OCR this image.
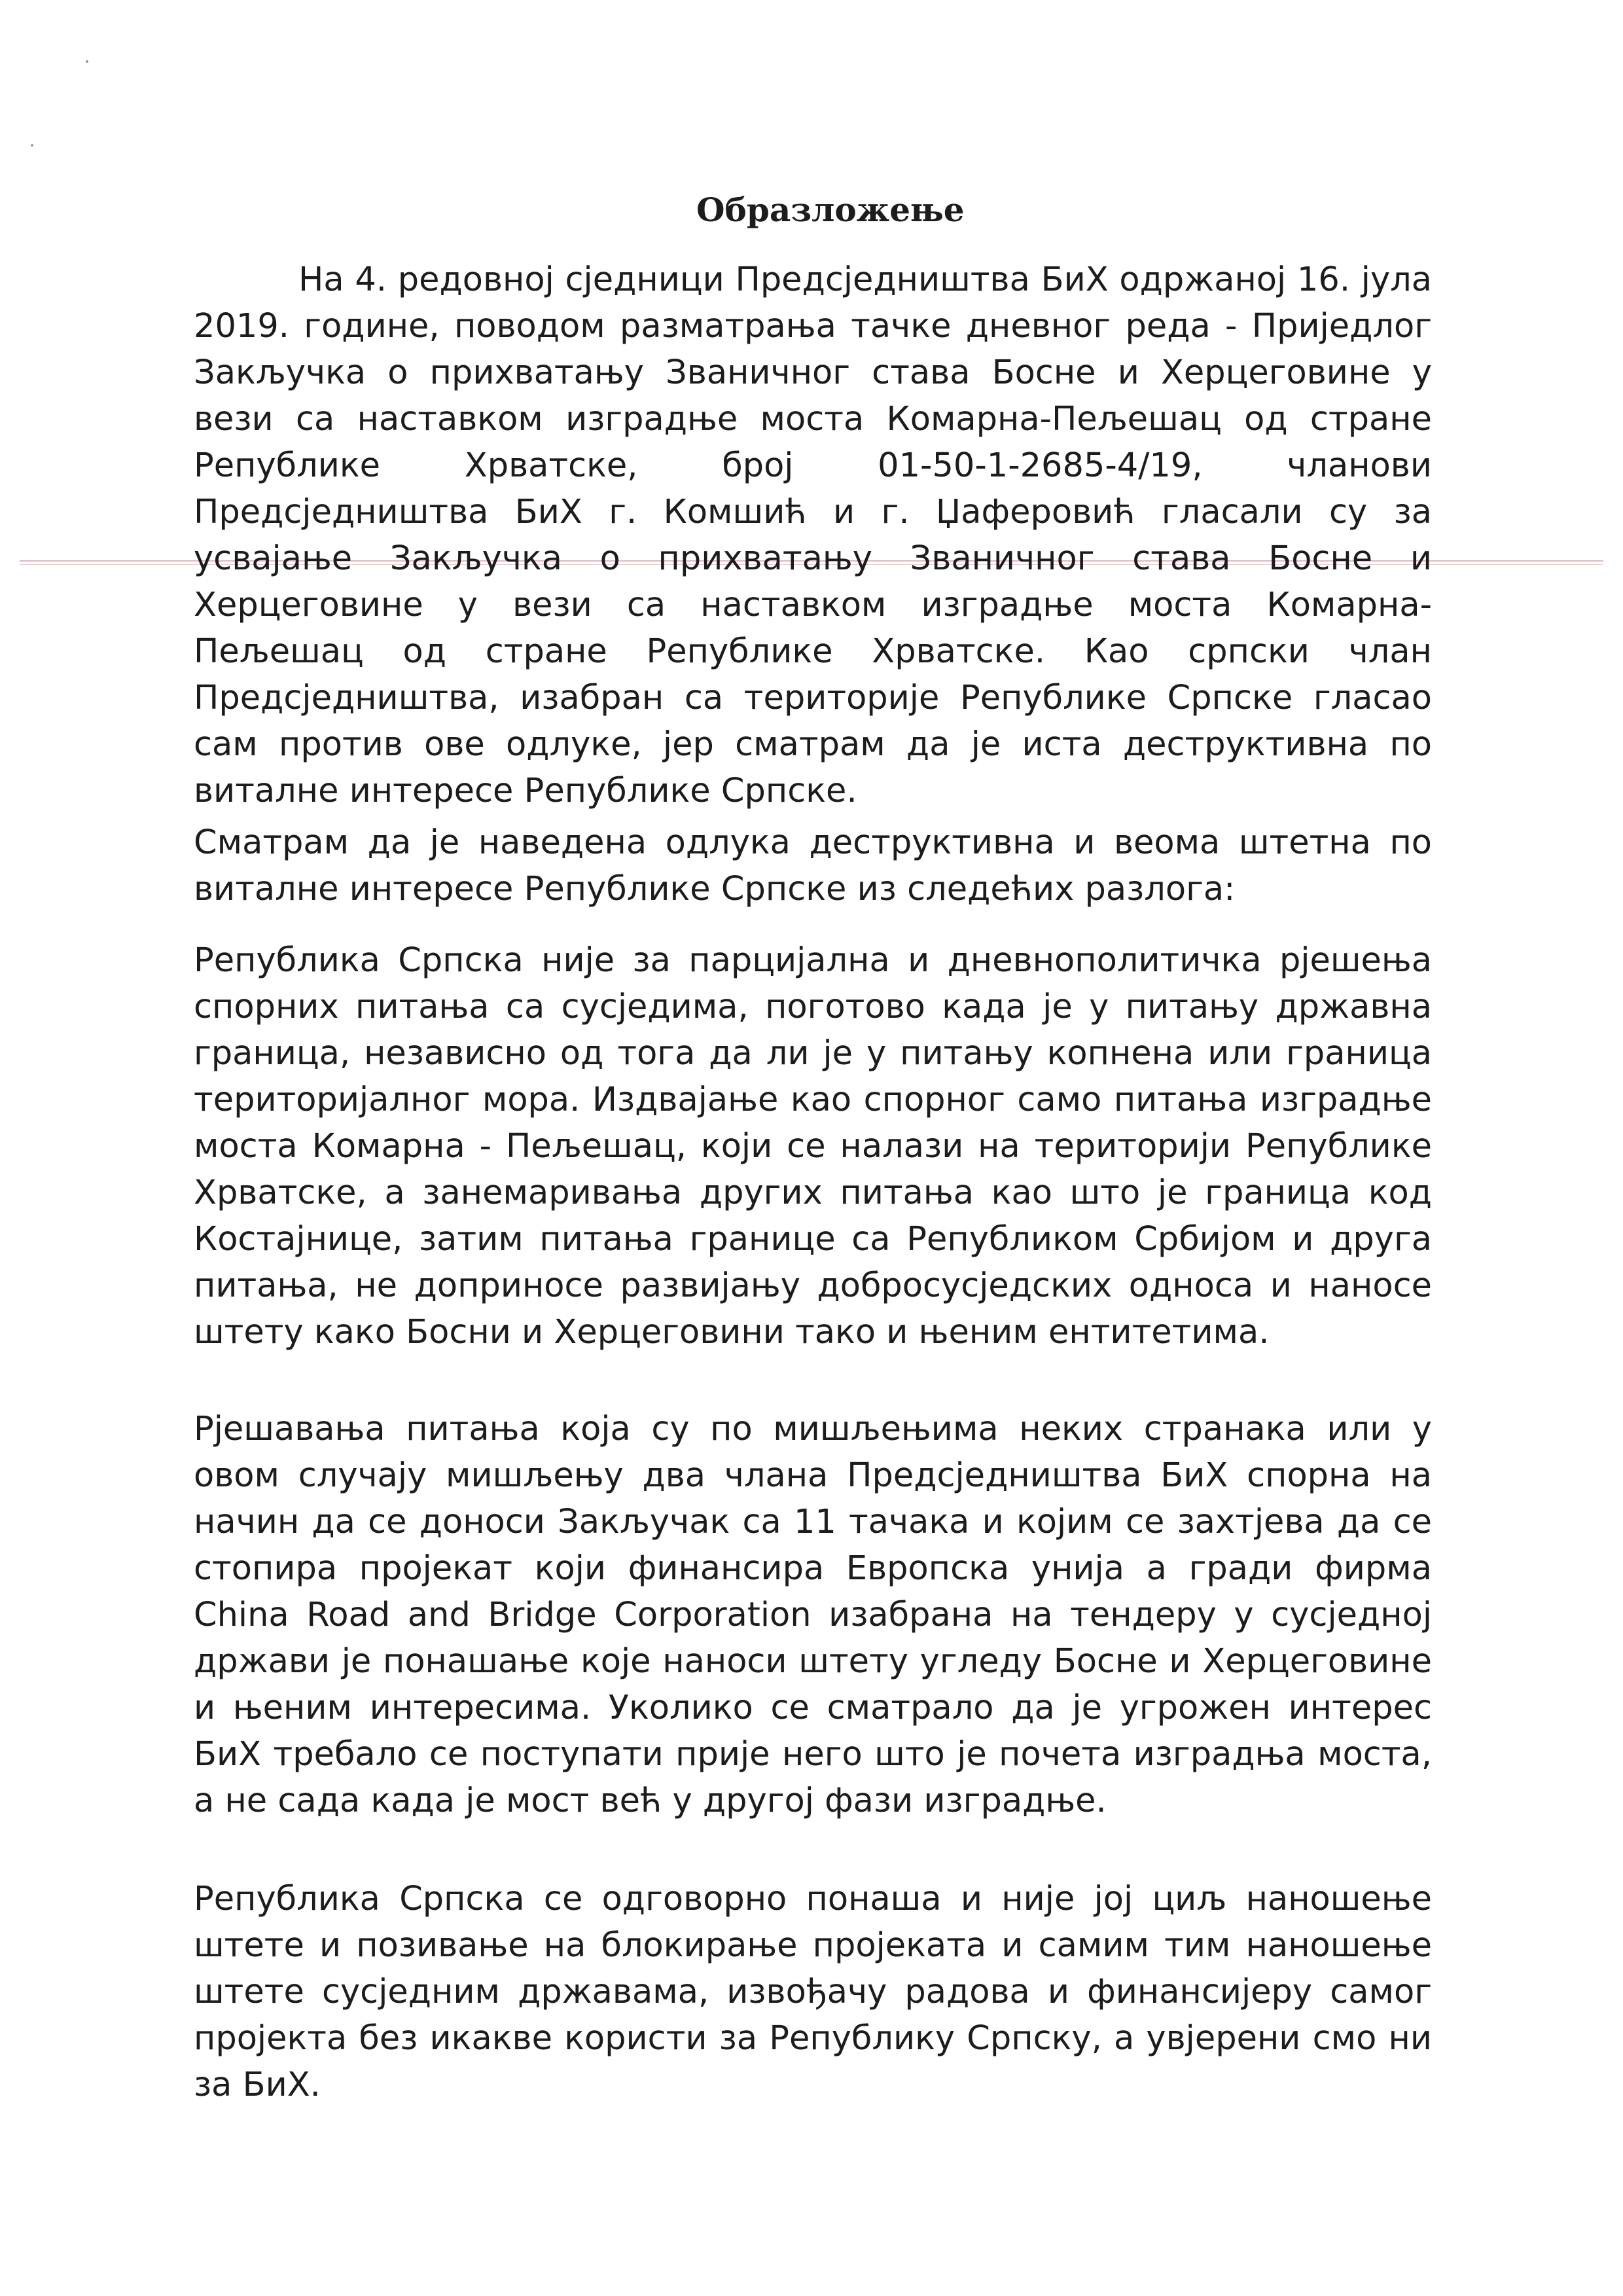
Образложење

На 4. редовној сједници Предсједништва БиХ одржаној 16. јула 2019. године, поводом разматрања тачке дневног реда - Приједлог Закључка о прихватању Званичног става Босне и Херцеговине у вези са наставком изградње моста Комарна-Пељешац од стране Републике Хрватске, број 01-50-1-2685-4/19, чланови Предсједништва БиХ г. Комшић и г. Џаферовић гласали су за усвајање Закључка о прихватању Званичног става Босне и Херцеговине у вези са наставком изградње моста Комарна-Пељешац од стране Републике Хрватске. Као српски члан Предсједништва, изабран са територије Републике Српске гласао сам против ове одлуке, јер сматрам да је иста деструктивна по виталне интересе Републике Српске.

Сматрам да је наведена одлука деструктивна и веома штетна по виталне интересе Републике Српске из следећих разлога:

Република Српска није за парцијална и дневнополитичка рјешења спорних питања са сусједима, поготово када је у питању државна граница, независно од тога да ли је у питању копнена или граница територијалног мора. Издвајање као спорног само питања изградње моста Комарна - Пељешац, који се налази на територији Републике Хрватске, а занемаривања других питања као што је граница код Костајнице, затим питања границе са Републиком Србијом и друга питања, не доприносе развијању добросусједских односа и наносе штету како Босни и Херцеговини тако и њеним ентитетима.

Рјешавања питања која су по мишљењима неких странака или у овом случају мишљењу два члана Предсједништва БиХ спорна на начин да се доноси Закључак са 11 тачака и којим се захтјева да се стопира пројекат који финансира Европска унија а гради фирма China Road and Bridge Corporation изабрана на тендеру у сусједној држави је понашање које наноси штету угледу Босне и Херцеговине и њеним интересима. Уколико се сматрало да је угрожен интерес БиХ требало се поступати прије него што је почета изградња моста, а не сада када је мост већ у другој фази изградње.

Република Српска се одговорно понаша и није јој циљ наношење штете и позивање на блокирање пројеката и самим тим наношење штете сусједним државама, извођачу радова и финансијеру самог пројекта без икакве користи за Републику Српску, а увјерени смо ни за БиХ.
